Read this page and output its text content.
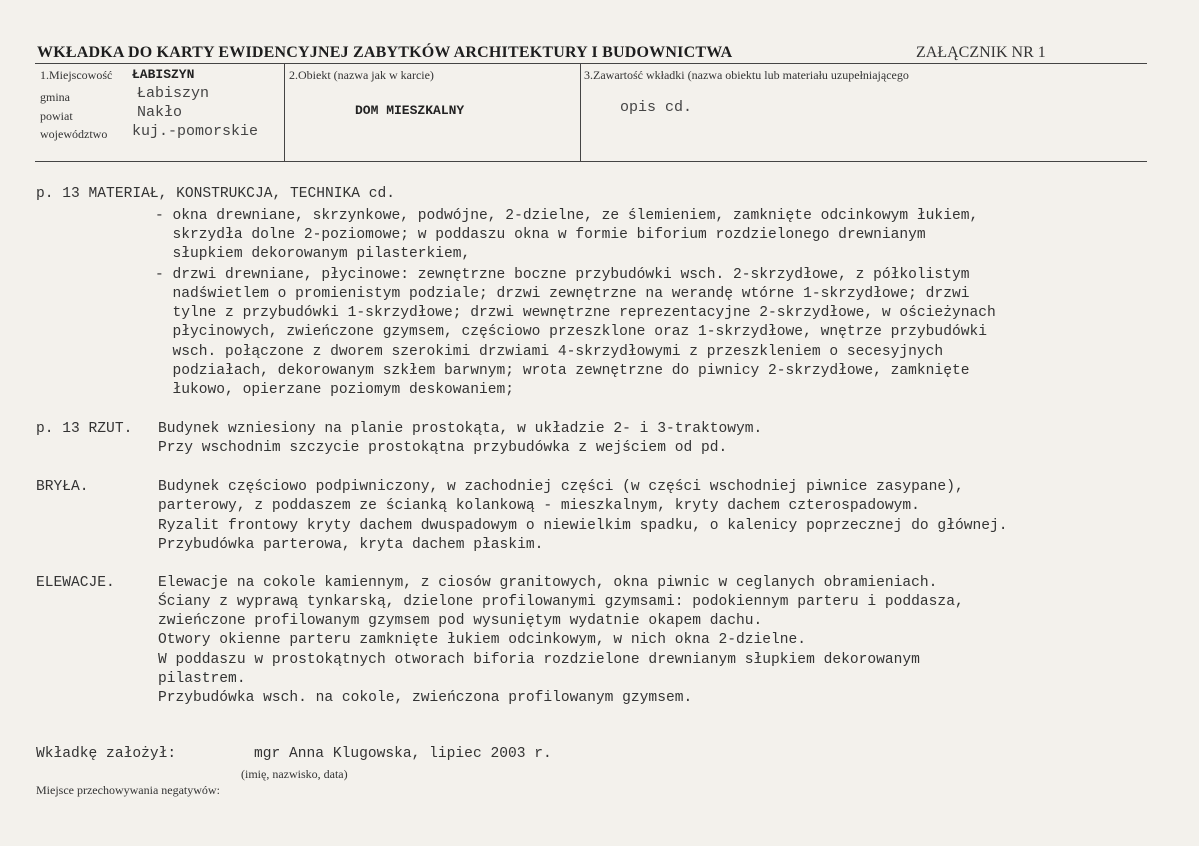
WKŁADKA DO KARTY EWIDENCYJNEJ ZABYTKÓW ARCHITEKTURY I BUDOWNICTWA	ZAŁĄCZNIK NR 1
1.Miejscowość ŁABISZYN
gmina	Łabiszyn
powiat	Nakło
województwo kuj.-pomorskie
2.Obiekt (nazwa jak w karcie)
DOM MIESZKALNY
3.Zawartość wkładki (nazwa obiektu lub materiału uzupełniającego
opis cd.
p. 13 MATERIAŁ, KONSTRUKCJA, TECHNIKA cd.
- okna drewniane, skrzynkowe, podwójne, 2-dzielne, ze ślemieniem, zamknięte odcinkowym łukiem,
skrzydła dolne 2-poziomowe; w poddaszu okna w formie biforium rozdzielonego drewnianym
słupkiem dekorowanym pilasterkiem,
- drzwi drewniane, płycinowe: zewnętrzne boczne przybudówki wsch. 2-skrzydłowe, z półkolistym
nadświetlem o promienistym podziale; drzwi zewnętrzne na werandę wtórne 1-skrzydłowe; drzwi
tylne z przybudówki 1-skrzydłowe; drzwi wewnętrzne reprezentacyjne 2-skrzydłowe, w ościeżynach
płycinowych, zwieńczone gzymsem, częściowo przeszklone oraz 1-skrzydłowe, wnętrze przybudówki
wsch. połączone z dworem szerokimi drzwiami 4-skrzydłowymi z przeszkleniem o secesyjnych
podziałach, dekorowanym szkłem barwnym; wrota zewnętrzne do piwnicy 2-skrzydłowe, zamknięte
łukowo, opierzane poziomym deskowaniem;
p. 13 RZUT. Budynek wzniesiony na planie prostokąta, w układzie 2- i 3-traktowym.
Przy wschodnim szczycie prostokątna przybudówka z wejściem od pd.
BRYŁA.	Budynek częściowo podpiwniczony, w zachodniej części (w części wschodniej piwnice zasypane),
parterowy, z poddaszem ze ścianką kolankową - mieszkalnym, kryty dachem czterospadowym.
Ryzalit frontowy kryty dachem dwuspadowym o niewielkim spadku, o kalenicy poprzecznej do głównej.
Przybudówka parterowa, kryta dachem płaskim.
ELEWACJE.	Elewacje na cokole kamiennym, z ciosów granitowych, okna piwnic w ceglanych obramieniach.
Ściany z wyprawą tynkarską, dzielone profilowanymi gzymsami: podokiennym parteru i poddasza,
zwieńczone profilowanym gzymsem pod wysuniętym wydatnie okapem dachu.
Otwory okienne parteru zamknięte łukiem odcinkowym, w nich okna 2-dzielne.
W poddaszu w prostokątnych otworach biforia rozdzielone drewnianym słupkiem dekorowanym
pilastrem.
Przybudówka wsch. na cokole, zwieńczona profilowanym gzymsem.
Wkładkę założył:	mgr Anna Klugowska, lipiec 2003 r.
(imię, nazwisko, data)
Miejsce przechowywania negatywów:
